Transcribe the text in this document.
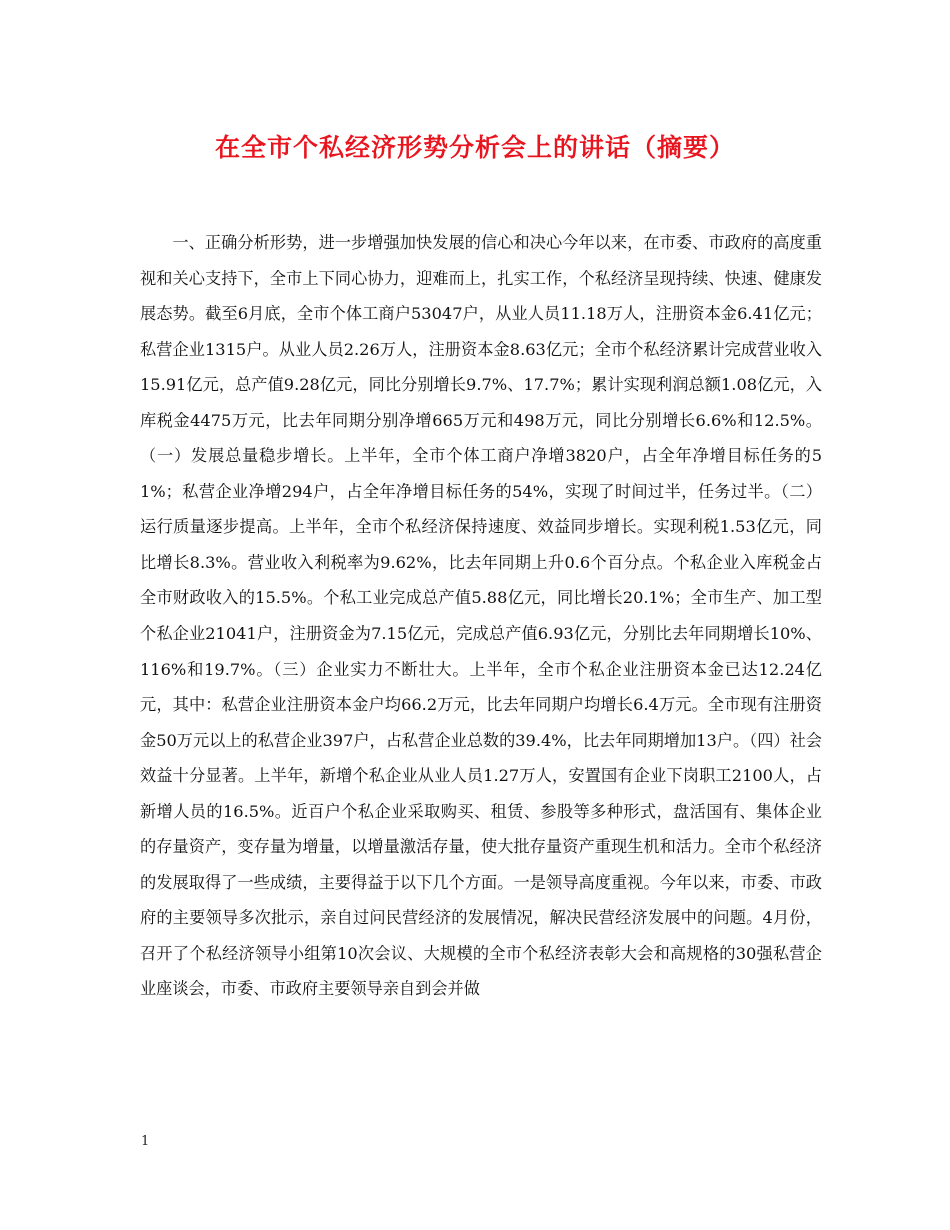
在全市个私经济形势分析会上的讲话（摘要）

一、正确分析形势，进一步增强加快发展的信心和决心今年以来，在市委、市政府的高度重视和关心支持下，全市上下同心协力，迎难而上，扎实工作，个私经济呈现持续、快速、健康发展态势。截至6月底，全市个体工商户53047户，从业人员11.18万人，注册资本金6.41亿元；私营企业1315户。从业人员2.26万人，注册资本金8.63亿元；全市个私经济累计完成营业收入15.91亿元，总产值9.28亿元，同比分别增长9.7%、17.7%；累计实现利润总额1.08亿元，入库税金4475万元，比去年同期分别净增665万元和498万元，同比分别增长6.6%和12.5%。（一）发展总量稳步增长。上半年，全市个体工商户净增3820户，占全年净增目标任务的51%；私营企业净增294户，占全年净增目标任务的54%，实现了时间过半，任务过半。（二）运行质量逐步提高。上半年，全市个私经济保持速度、效益同步增长。实现利税1.53亿元，同比增长8.3%。营业收入利税率为9.62%，比去年同期上升0.6个百分点。个私企业入库税金占全市财政收入的15.5%。个私工业完成总产值5.88亿元，同比增长20.1%；全市生产、加工型个私企业21041户，注册资金为7.15亿元，完成总产值6.93亿元，分别比去年同期增长10%、116%和19.7%。（三）企业实力不断壮大。上半年，全市个私企业注册资本金已达12.24亿元，其中：私营企业注册资本金户均66.2万元，比去年同期户均增长6.4万元。全市现有注册资金50万元以上的私营企业397户，占私营企业总数的39.4%，比去年同期增加13户。（四）社会效益十分显著。上半年，新增个私企业从业人员1.27万人，安置国有企业下岗职工2100人，占新增人员的16.5%。近百户个私企业采取购买、租赁、参股等多种形式，盘活国有、集体企业的存量资产，变存量为增量，以增量激活存量，使大批存量资产重现生机和活力。全市个私经济的发展取得了一些成绩，主要得益于以下几个方面。一是领导高度重视。今年以来，市委、市政府的主要领导多次批示，亲自过问民营经济的发展情况，解决民营经济发展中的问题。4月份，召开了个私经济领导小组第10次会议、大规模的全市个私经济表彰大会和高规格的30强私营企业座谈会，市委、市政府主要领导亲自到会并做

1
